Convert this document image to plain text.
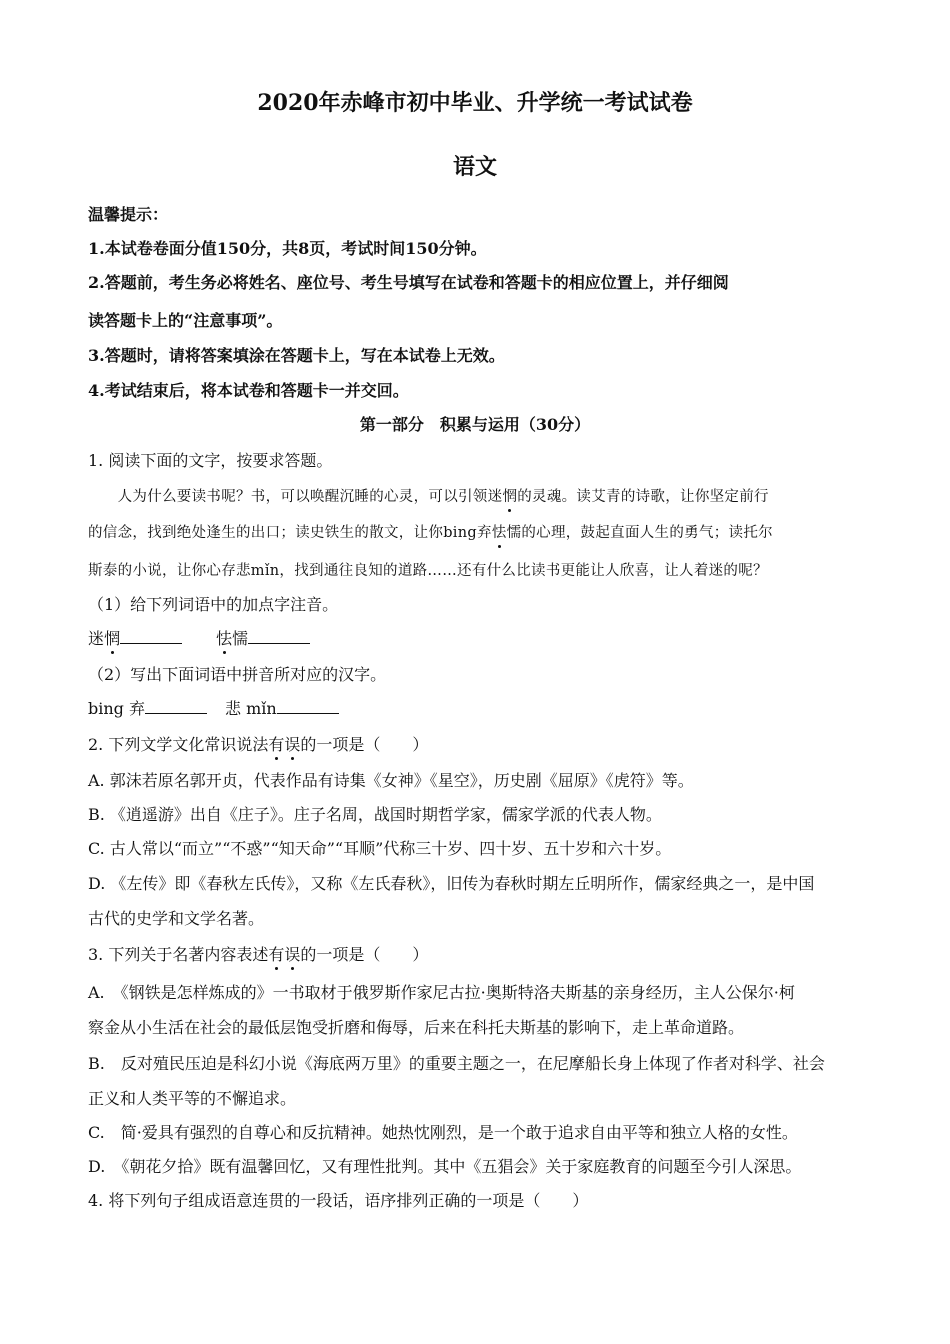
2020年赤峰市初中毕业、升学统一考试试卷
语文
温馨提示：
1.本试卷卷面分值150分，共8页，考试时间150分钟。
2.答题前，考生务必将姓名、座位号、考生号填写在试卷和答题卡的相应位置上，并仔细阅
读答题卡上的“注意事项”。
3.答题时，请将答案填涂在答题卡上，写在本试卷上无效。
4.考试结束后，将本试卷和答题卡一并交回。
第一部分　积累与运用（30分）
1. 阅读下面的文字，按要求答题。
　　人为什么要读书呢？书，可以唤醒沉睡的心灵，可以引领迷惘的灵魂。读艾青的诗歌，让你坚定前行
的信念，找到绝处逢生的出口；读史铁生的散文，让你bing弃怯懦的心理，鼓起直面人生的勇气；读托尔
斯泰的小说，让你心存悲mǐn，找到通往良知的道路……还有什么比读书更能让人欣喜，让人着迷的呢？
（1）给下列词语中的加点字注音。
迷惘	怯懦
（2）写出下面词语中拼音所对应的汉字。
bing 弃	悲 mǐn
2. 下列文学文化常识说法有误的一项是（　　）
A. 郭沫若原名郭开贞，代表作品有诗集《女神》《星空》，历史剧《屈原》《虎符》等。
B. 《逍遥游》出自《庄子》。庄子名周，战国时期哲学家，儒家学派的代表人物。
C. 古人常以“而立”“不惑”“知天命”“耳顺”代称三十岁、四十岁、五十岁和六十岁。
D. 《左传》即《春秋左氏传》，又称《左氏春秋》，旧传为春秋时期左丘明所作，儒家经典之一，是中国
古代的史学和文学名著。
3. 下列关于名著内容表述有误的一项是（　　）
A.　《钢铁是怎样炼成的》一书取材于俄罗斯作家尼古拉·奥斯特洛夫斯基的亲身经历，主人公保尔·柯
察金从小生活在社会的最低层饱受折磨和侮辱，后来在科托夫斯基的影响下，走上革命道路。
B.　反对殖民压迫是科幻小说《海底两万里》的重要主题之一，在尼摩船长身上体现了作者对科学、社会
正义和人类平等的不懈追求。
C.　简·爱具有强烈的自尊心和反抗精神。她热忱刚烈，是一个敢于追求自由平等和独立人格的女性。
D.　《朝花夕拾》既有温馨回忆，又有理性批判。其中《五猖会》关于家庭教育的问题至今引人深思。
4. 将下列句子组成语意连贯的一段话，语序排列正确的一项是（　　）
